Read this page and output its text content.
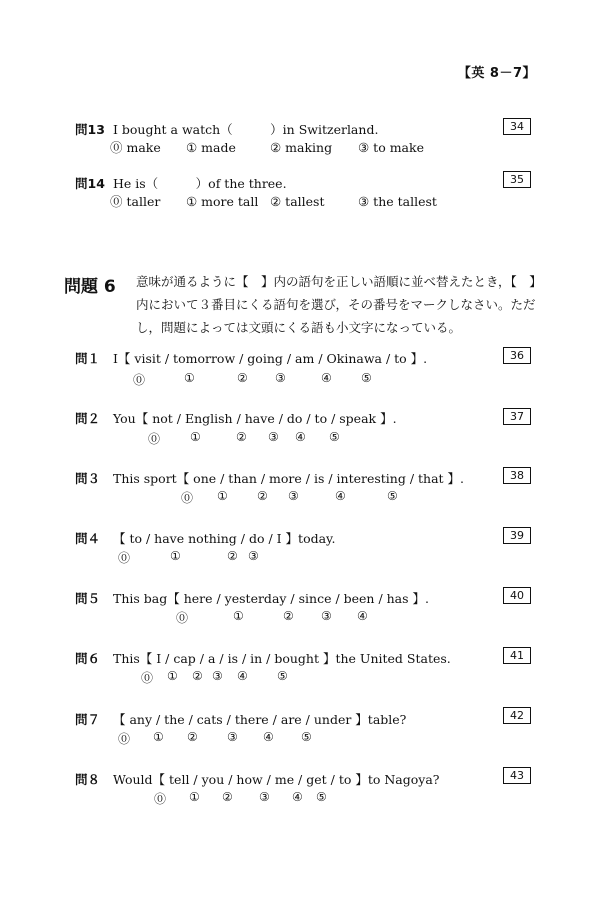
【英 8－7】
問13 I bought a watch（　　　）in Switzerland.	34
⓪ make ① made	② making ③ to make
問14 He is（　　　）of the three.	35
⓪ taller ① more tall ② tallest	③ the tallest
問題 6 意味が通るように【　】内の語句を正しい語順に並べ替えたとき，【　】内において３番目にくる語句を選び，その番号をマークしなさい。ただし，問題によっては文頭にくる語も小文字になっている。
問１ I【 visit / tomorrow / going / am / Okinawa / to 】.	36
⓪	①	② ③	④ ⑤
問２ You【 not / English / have / do / to / speak 】.	37
⓪ ①	② ③ ④ ⑤
問３ This sport【 one / than / more / is / interesting / that 】.	38
⓪ ① ② ③	④	⑤
問４ 【 to / have nothing / do / I 】today.	39
⓪	①	② ③
問５ This bag【 here / yesterday / since / been / has 】.	40
⓪	①	② ③ ④
問６ This【 I / cap / a / is / in / bought 】the United States.	41
⓪ ① ② ③ ④ ⑤
問７ 【 any / the / cats / there / are / under 】table?	42
⓪ ① ② ③ ④ ⑤
問８ Would【 tell / you / how / me / get / to 】to Nagoya?	43
⓪ ① ② ③ ④ ⑤
